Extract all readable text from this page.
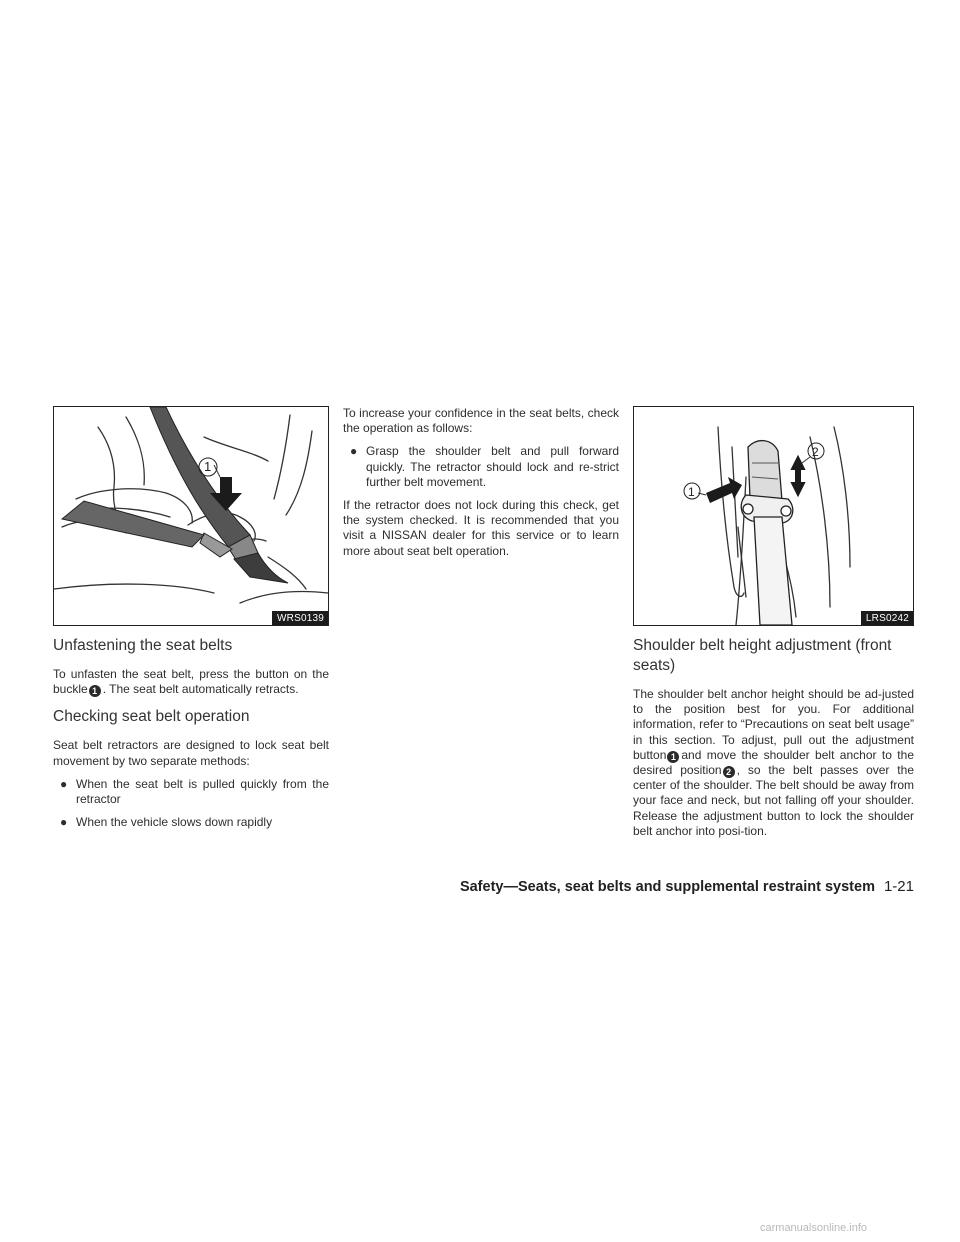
1
WRS0139
Unfastening the seat belts

To unfasten the seat belt, press the button on the buckle 1 . The seat belt automatically retracts.

Checking seat belt operation

Seat belt retractors are designed to lock seat belt movement by two separate methods:

● When the seat belt is pulled quickly from the retractor
● When the vehicle slows down rapidly

To increase your confidence in the seat belts, check the operation as follows:

● Grasp the shoulder belt and pull forward quickly. The retractor should lock and re-strict further belt movement.

If the retractor does not lock during this check, get the system checked. It is recommended that you visit a NISSAN dealer for this service or to learn more about seat belt operation.

1
2
LRS0242
Shoulder belt height adjustment (front seats)

The shoulder belt anchor height should be ad-justed to the position best for you. For additional information, refer to “Precautions on seat belt usage” in this section. To adjust, pull out the adjustment button 1 and move the shoulder belt anchor to the desired position 2 , so the belt passes over the center of the shoulder. The belt should be away from your face and neck, but not falling off your shoulder. Release the adjustment button to lock the shoulder belt anchor into posi-tion.

Safety—Seats, seat belts and supplemental restraint system 1-21
carmanualsonline.info
